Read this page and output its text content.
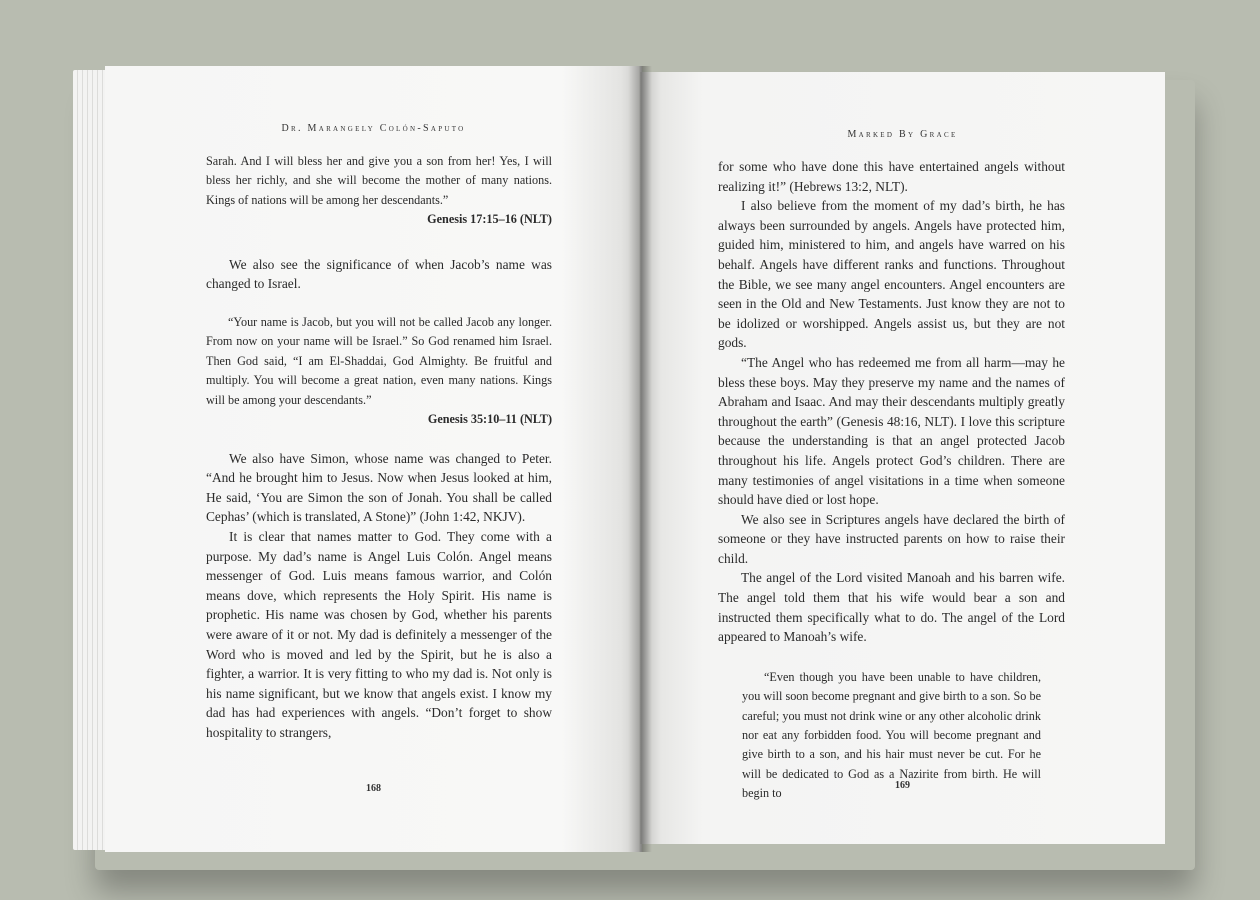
Dr. Marangely Colón-Saputo

Sarah. And I will bless her and give you a son from her! Yes, I will bless her richly, and she will become the mother of many nations. Kings of nations will be among her descendants.”

Genesis 17:15–16 (NLT)

We also see the significance of when Jacob’s name was changed to Israel.

“Your name is Jacob, but you will not be called Jacob any longer. From now on your name will be Israel.” So God renamed him Israel. Then God said, “I am El-Shaddai, God Almighty. Be fruitful and multiply. You will become a great nation, even many nations. Kings will be among your descendants.”

Genesis 35:10–11 (NLT)

We also have Simon, whose name was changed to Peter. “And he brought him to Jesus. Now when Jesus looked at him, He said, ‘You are Simon the son of Jonah. You shall be called Cephas’ (which is translated, A Stone)” (John 1:42, NKJV).

It is clear that names matter to God. They come with a purpose. My dad’s name is Angel Luis Colón. Angel means messenger of God. Luis means famous warrior, and Colón means dove, which represents the Holy Spirit. His name is prophetic. His name was chosen by God, whether his parents were aware of it or not. My dad is definitely a messenger of the Word who is moved and led by the Spirit, but he is also a fighter, a warrior. It is very fitting to who my dad is. Not only is his name significant, but we know that angels exist. I know my dad has had experiences with angels. “Don’t forget to show hospitality to strangers,

168
Marked By Grace

for some who have done this have entertained angels without realizing it!” (Hebrews 13:2, NLT).

I also believe from the moment of my dad’s birth, he has always been surrounded by angels. Angels have protected him, guided him, ministered to him, and angels have warred on his behalf. Angels have different ranks and functions. Throughout the Bible, we see many angel encounters. Angel encounters are seen in the Old and New Testaments. Just know they are not to be idolized or worshipped. Angels assist us, but they are not gods.

“The Angel who has redeemed me from all harm—may he bless these boys. May they preserve my name and the names of Abraham and Isaac. And may their descendants multiply greatly throughout the earth” (Genesis 48:16, NLT). I love this scripture because the understanding is that an angel protected Jacob throughout his life. Angels protect God’s children. There are many testimonies of angel visitations in a time when someone should have died or lost hope.

We also see in Scriptures angels have declared the birth of someone or they have instructed parents on how to raise their child.

The angel of the Lord visited Manoah and his barren wife. The angel told them that his wife would bear a son and instructed them specifically what to do. The angel of the Lord appeared to Manoah’s wife.

“Even though you have been unable to have children, you will soon become pregnant and give birth to a son. So be careful; you must not drink wine or any other alcoholic drink nor eat any forbidden food. You will become pregnant and give birth to a son, and his hair must never be cut. For he will be dedicated to God as a Nazirite from birth. He will begin to

169
